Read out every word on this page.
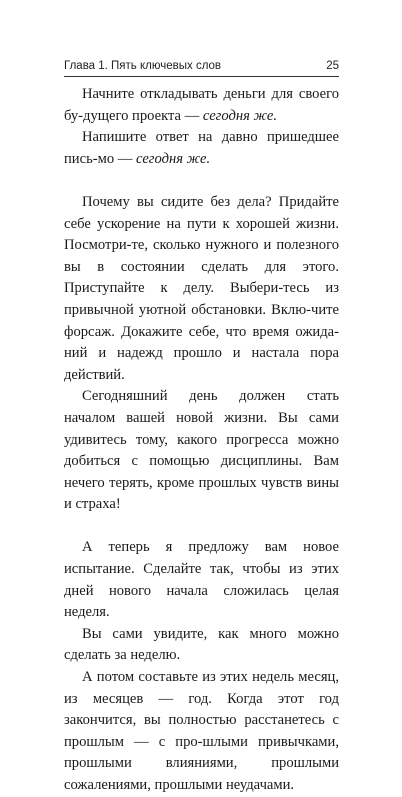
Глава 1. Пять ключевых слов	25

Начните откладывать деньги для своего бу-дущего проекта — сегодня же.

Напишите ответ на давно пришедшее пись-мо — сегодня же.

Почему вы сидите без дела? Придайте себе ускорение на пути к хорошей жизни. Посмотри-те, сколько нужного и полезного вы в состоянии сделать для этого. Приступайте к делу. Выбери-тесь из привычной уютной обстановки. Вклю-чите форсаж. Докажите себе, что время ожида-ний и надежд прошло и настала пора действий.

Сегодняшний день должен стать началом вашей новой жизни. Вы сами удивитесь тому, какого прогресса можно добиться с помощью дисциплины. Вам нечего терять, кроме прошлых чувств вины и страха!

А теперь я предложу вам новое испытание. Сделайте так, чтобы из этих дней нового начала сложилась целая неделя.

Вы сами увидите, как много можно сделать за неделю.

А потом составьте из этих недель месяц, из месяцев — год. Когда этот год закончится, вы полностью расстанетесь с прошлым — с про-шлыми привычками, прошлыми влияниями, прошлыми сожалениями, прошлыми неудачами.
